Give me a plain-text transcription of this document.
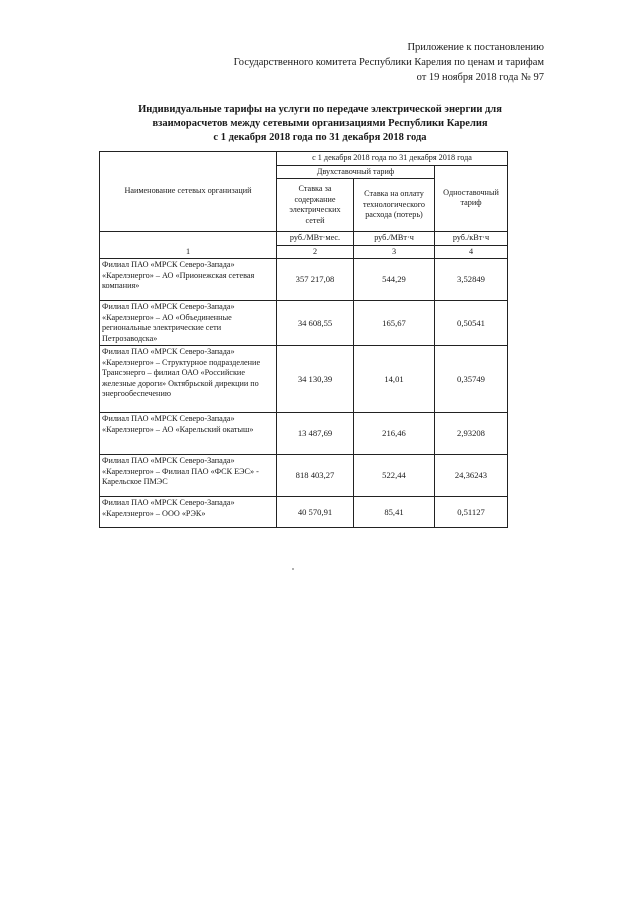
Приложение к постановлению
Государственного комитета Республики Карелия по ценам и тарифам
от 19 ноября 2018 года № 97
Индивидуальные тарифы на услуги по передаче электрической энергии для
взаиморасчетов между сетевыми организациями Республики Карелия
с 1 декабря 2018 года по 31 декабря 2018 года
Наименование сетевых организаций	с 1 декабря 2018 года по 31 декабря 2018 года		
	Двухставочный тариф		Одноставочный тариф
	Ставка за содержание электрических сетей	Ставка на оплату технологического расхода (потерь)	
1	руб./МВт·мес.	руб./МВт·ч	руб./кВт·ч
	2	3	4
Филиал ПАО «МРСК Северо-Запада» «Карелэнерго» – АО «Прионежская сетевая компания»	357 217,08	544,29	3,52849
Филиал ПАО «МРСК Северо-Запада» «Карелэнерго» – АО «Объединенные региональные электрические сети Петрозаводска»	34 608,55	165,67	0,50541
Филиал ПАО «МРСК Северо-Запада» «Карелэнерго» – Структурное подразделение Трансэнерго – филиал ОАО «Российские железные дороги» Октябрьской дирекции по энергообеспечению	34 130,39	14,01	0,35749
Филиал ПАО «МРСК Северо-Запада» «Карелэнерго» – АО «Карельский окатыш»	13 487,69	216,46	2,93208
Филиал ПАО «МРСК Северо-Запада» «Карелэнерго» – Филиал ПАО «ФСК ЕЭС» - Карельское ПМЭС	818 403,27	522,44	24,36243
Филиал ПАО «МРСК Северо-Запада» «Карелэнерго» – ООО «РЭК»	40 570,91	85,41	0,51127
